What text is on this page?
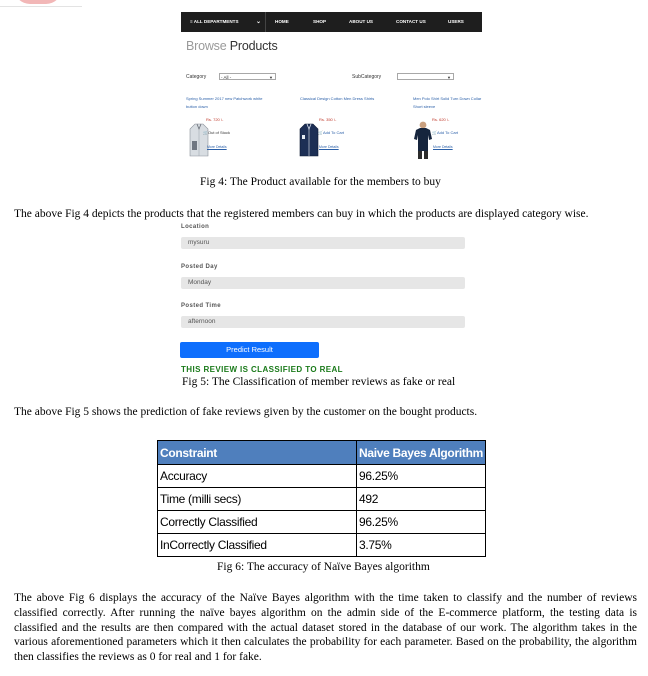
≡ ALL DEPARTMENTS	⌄	HOME	SHOP	ABOUT US	CONTACT US	USERS
Browse Products
Category	- All -	▼	SubCategory	▼
Spring Summer 2017 new Patchwork white button down
Rs. 720 \-
🛒Out of Stock
More Details
Classical Design Cotton Men Dress Shirts
Rs. 350 \-
🛒Add To Cart
More Details
Men Polo Shirt Solid Turn Down Collar Short sleeve
Rs. 620 \-
🛒Add To Cart
More Details
Fig 4: The Product available for the members to buy
The above Fig 4 depicts the products that the registered members can buy in which the products are displayed category wise.
Location
mysuru
Posted Day
Monday
Posted Time
afternoon
Predict Result
THIS REVIEW IS CLASSIFIED TO REAL
Fig 5: The Classification of member reviews as fake or real
The above Fig 5 shows the prediction of fake reviews given by the customer on the bought products.
Constraint	Naive Bayes Algorithm
Accuracy	96.25%
Time (milli secs)	492
Correctly Classified	96.25%
InCorrectly Classified	3.75%
Fig 6: The accuracy of Naïve Bayes algorithm
The above Fig 6 displays the accuracy of the Naïve Bayes algorithm with the time taken to classify and the number of reviews classified correctly. After running the naïve bayes algorithm on the admin side of the E-commerce platform, the testing data is classified and the results are then compared with the actual dataset stored in the database of our work. The algorithm takes in the various aforementioned parameters which it then calculates the probability for each parameter. Based on the probability, the algorithm then classifies the reviews as 0 for real and 1 for fake.
